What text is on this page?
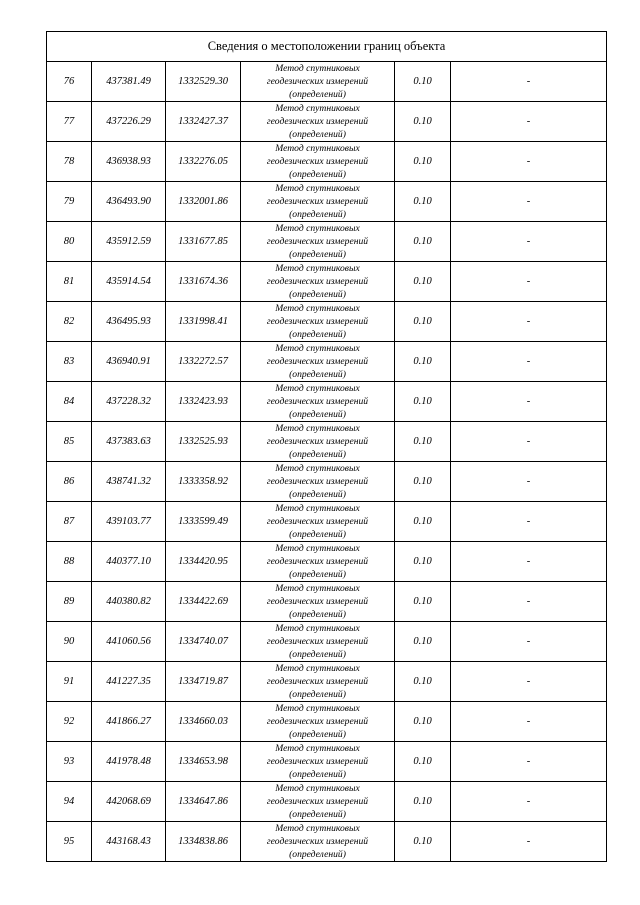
Сведения о местоположении границ объекта					
76	437381.49	1332529.30	Метод спутниковых
геодезических измерений
(определений)	0.10	-
77	437226.29	1332427.37	Метод спутниковых
геодезических измерений
(определений)	0.10	-
78	436938.93	1332276.05	Метод спутниковых
геодезических измерений
(определений)	0.10	-
79	436493.90	1332001.86	Метод спутниковых
геодезических измерений
(определений)	0.10	-
80	435912.59	1331677.85	Метод спутниковых
геодезических измерений
(определений)	0.10	-
81	435914.54	1331674.36	Метод спутниковых
геодезических измерений
(определений)	0.10	-
82	436495.93	1331998.41	Метод спутниковых
геодезических измерений
(определений)	0.10	-
83	436940.91	1332272.57	Метод спутниковых
геодезических измерений
(определений)	0.10	-
84	437228.32	1332423.93	Метод спутниковых
геодезических измерений
(определений)	0.10	-
85	437383.63	1332525.93	Метод спутниковых
геодезических измерений
(определений)	0.10	-
86	438741.32	1333358.92	Метод спутниковых
геодезических измерений
(определений)	0.10	-
87	439103.77	1333599.49	Метод спутниковых
геодезических измерений
(определений)	0.10	-
88	440377.10	1334420.95	Метод спутниковых
геодезических измерений
(определений)	0.10	-
89	440380.82	1334422.69	Метод спутниковых
геодезических измерений
(определений)	0.10	-
90	441060.56	1334740.07	Метод спутниковых
геодезических измерений
(определений)	0.10	-
91	441227.35	1334719.87	Метод спутниковых
геодезических измерений
(определений)	0.10	-
92	441866.27	1334660.03	Метод спутниковых
геодезических измерений
(определений)	0.10	-
93	441978.48	1334653.98	Метод спутниковых
геодезических измерений
(определений)	0.10	-
94	442068.69	1334647.86	Метод спутниковых
геодезических измерений
(определений)	0.10	-
95	443168.43	1334838.86	Метод спутниковых
геодезических измерений
(определений)	0.10	-
